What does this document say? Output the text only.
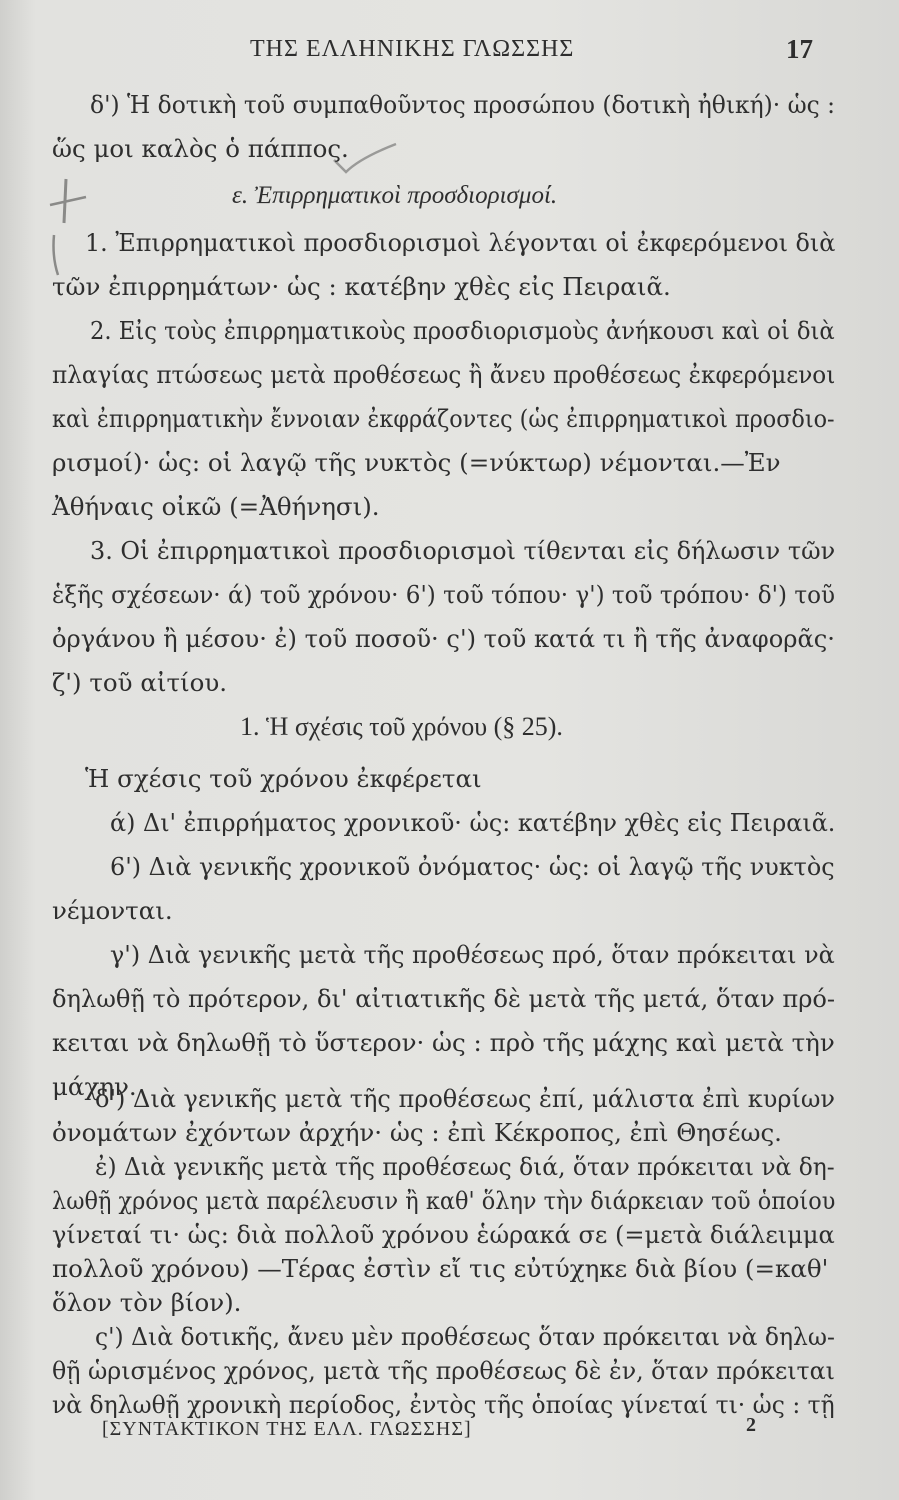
ΤΗΣ ΕΛΛΗΝΙΚΗΣ ΓΛΩΣΣΗΣ	17
δ') Ἡ δοτικὴ τοῦ συμπαθοῦντος προσώπου (δοτικὴ ἠθική)· ὡς :
ὥς μοι καλὸς ὁ πάππος.
ε. Ἐπιρρηματικοὶ προσδιορισμοί.
1. Ἐπιρρηματικοὶ προσδιορισμοὶ λέγονται οἱ ἐκφερόμενοι διὰ
τῶν ἐπιρρημάτων· ὡς : κατέβην χθὲς εἰς Πειραιᾶ.
2. Εἰς τοὺς ἐπιρρηματικοὺς προσδιορισμοὺς ἀνήκουσι καὶ οἱ διὰ
πλαγίας πτώσεως μετὰ προθέσεως ἢ ἄνευ προθέσεως ἐκφερόμενοι
καὶ ἐπιρρηματικὴν ἔννοιαν ἐκφράζοντες (ὡς ἐπιρρηματικοὶ προσδιο-
ρισμοί)· ὡς: οἱ λαγῷ τῆς νυκτὸς (=νύκτωρ) νέμονται.—Ἐν
Ἀθήναις οἰκῶ (=Ἀθήνησι).
3. Οἱ ἐπιρρηματικοὶ προσδιορισμοὶ τίθενται εἰς δήλωσιν τῶν
ἑξῆς σχέσεων· ά) τοῦ χρόνου· 6') τοῦ τόπου· γ') τοῦ τρόπου· δ') τοῦ
ὀργάνου ἢ μέσου· ἐ) τοῦ ποσοῦ· ς') τοῦ κατά τι ἢ τῆς ἀναφορᾶς·
ζ') τοῦ αἰτίου.
1. Ἡ σχέσις τοῦ χρόνου (§ 25).
Ἡ σχέσις τοῦ χρόνου ἐκφέρεται
ά) Δι' ἐπιρρήματος χρονικοῦ· ὡς: κατέβην χθὲς εἰς Πειραιᾶ.
6') Διὰ γενικῆς χρονικοῦ ὀνόματος· ὡς: οἱ λαγῷ τῆς νυκτὸς
νέμονται.
γ') Διὰ γενικῆς μετὰ τῆς προθέσεως πρό, ὅταν πρόκειται νὰ
δηλωθῇ τὸ πρότερον, δι' αἰτιατικῆς δὲ μετὰ τῆς μετά, ὅταν πρό-
κειται νὰ δηλωθῇ τὸ ὕστερον· ὡς : πρὸ τῆς μάχης καὶ μετὰ τὴν
μάχην.
δ') Διὰ γενικῆς μετὰ τῆς προθέσεως ἐπί, μάλιστα ἐπὶ κυρίων
ὀνομάτων ἐχόντων ἀρχήν· ὡς : ἐπὶ Κέκροπος, ἐπὶ Θησέως.
ἐ) Διὰ γενικῆς μετὰ τῆς προθέσεως διά, ὅταν πρόκειται νὰ δη-
λωθῇ χρόνος μετὰ παρέλευσιν ἢ καθ' ὅλην τὴν διάρκειαν τοῦ ὁποίου
γίνεταί τι· ὡς: διὰ πολλοῦ χρόνου ἑώρακά σε (=μετὰ διάλειμμα
πολλοῦ χρόνου) —Τέρας ἐστὶν εἴ τις εὐτύχηκε διὰ βίου (=καθ'
ὅλον τὸν βίον).
ς') Διὰ δοτικῆς, ἄνευ μὲν προθέσεως ὅταν πρόκειται νὰ δηλω-
θῇ ὡρισμένος χρόνος, μετὰ τῆς προθέσεως δὲ ἐν, ὅταν πρόκειται
νὰ δηλωθῇ χρονικὴ περίοδος, ἐντὸς τῆς ὁποίας γίνεταί τι· ὡς : τῇ
[ΣΥΝΤΑΚΤΙΚΟΝ ΤΗΣ ΕΛΛ. ΓΛΩΣΣΗΣ]	2
